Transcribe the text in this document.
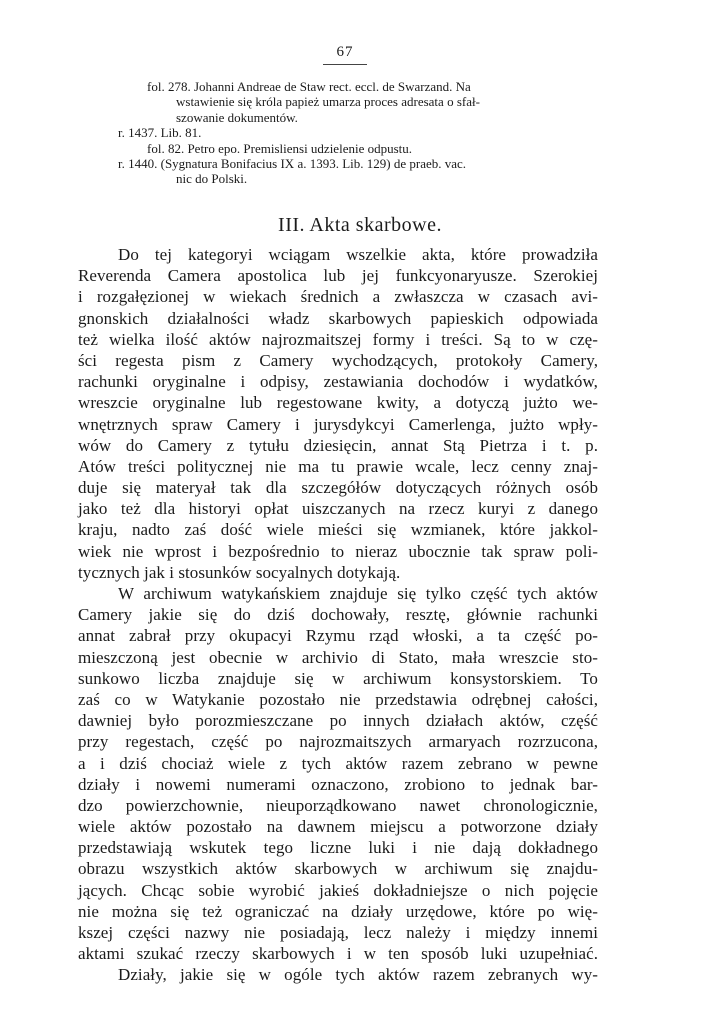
67
fol. 278. Johanni Andreae de Staw rect. eccl. de Swarzand. Na
wstawienie się króla papież umarza proces adresata o sfał-
szowanie dokumentów.
r. 1437. Lib. 81.
fol. 82. Petro epo. Premisliensi udzielenie odpustu.
r. 1440. (Sygnatura Bonifacius IX a. 1393. Lib. 129) de praeb. vac.
nic do Polski.
III. Akta skarbowe.
Do tej kategoryi wciągam wszelkie akta, które prowadziła
Reverenda Camera apostolica lub jej funkcyonaryusze. Szerokiej
i rozgałęzionej w wiekach średnich a zwłaszcza w czasach avi-
gnonskich działalności władz skarbowych papieskich odpowiada
też wielka ilość aktów najrozmaitszej formy i treści. Są to w czę-
ści regesta pism z Camery wychodzących, protokoły Camery,
rachunki oryginalne i odpisy, zestawiania dochodów i wydatków,
wreszcie oryginalne lub regestowane kwity, a dotyczą jużto we-
wnętrznych spraw Camery i jurysdykcyi Camerlenga, jużto wpły-
wów do Camery z tytułu dziesięcin, annat Stą Pietrza i t. p.
Atów treści politycznej nie ma tu prawie wcale, lecz cenny znaj-
duje się materyał tak dla szczegółów dotyczących różnych osób
jako też dla historyi opłat uiszczanych na rzecz kuryi z danego
kraju, nadto zaś dość wiele mieści się wzmianek, które jakkol-
wiek nie wprost i bezpośrednio to nieraz ubocznie tak spraw poli-
tycznych jak i stosunków socyalnych dotykają.
W archiwum watykańskiem znajduje się tylko część tych aktów
Camery jakie się do dziś dochowały, resztę, głównie rachunki
annat zabrał przy okupacyi Rzymu rząd włoski, a ta część po-
mieszczoną jest obecnie w archivio di Stato, mała wreszcie sto-
sunkowo liczba znajduje się w archiwum konsystorskiem. To
zaś co w Watykanie pozostało nie przedstawia odrębnej całości,
dawniej było porozmieszczane po innych działach aktów, część
przy regestach, część po najrozmaitszych armaryach rozrzucona,
a i dziś chociaż wiele z tych aktów razem zebrano w pewne
działy i nowemi numerami oznaczono, zrobiono to jednak bar-
dzo powierzchownie, nieuporządkowano nawet chronologicznie,
wiele aktów pozostało na dawnem miejscu a potworzone działy
przedstawiają wskutek tego liczne luki i nie dają dokładnego
obrazu wszystkich aktów skarbowych w archiwum się znajdu-
jących. Chcąc sobie wyrobić jakieś dokładniejsze o nich pojęcie
nie można się też ograniczać na działy urzędowe, które po wię-
kszej części nazwy nie posiadają, lecz należy i między innemi
aktami szukać rzeczy skarbowych i w ten sposób luki uzupełniać.
Działy, jakie się w ogóle tych aktów razem zebranych wy-
